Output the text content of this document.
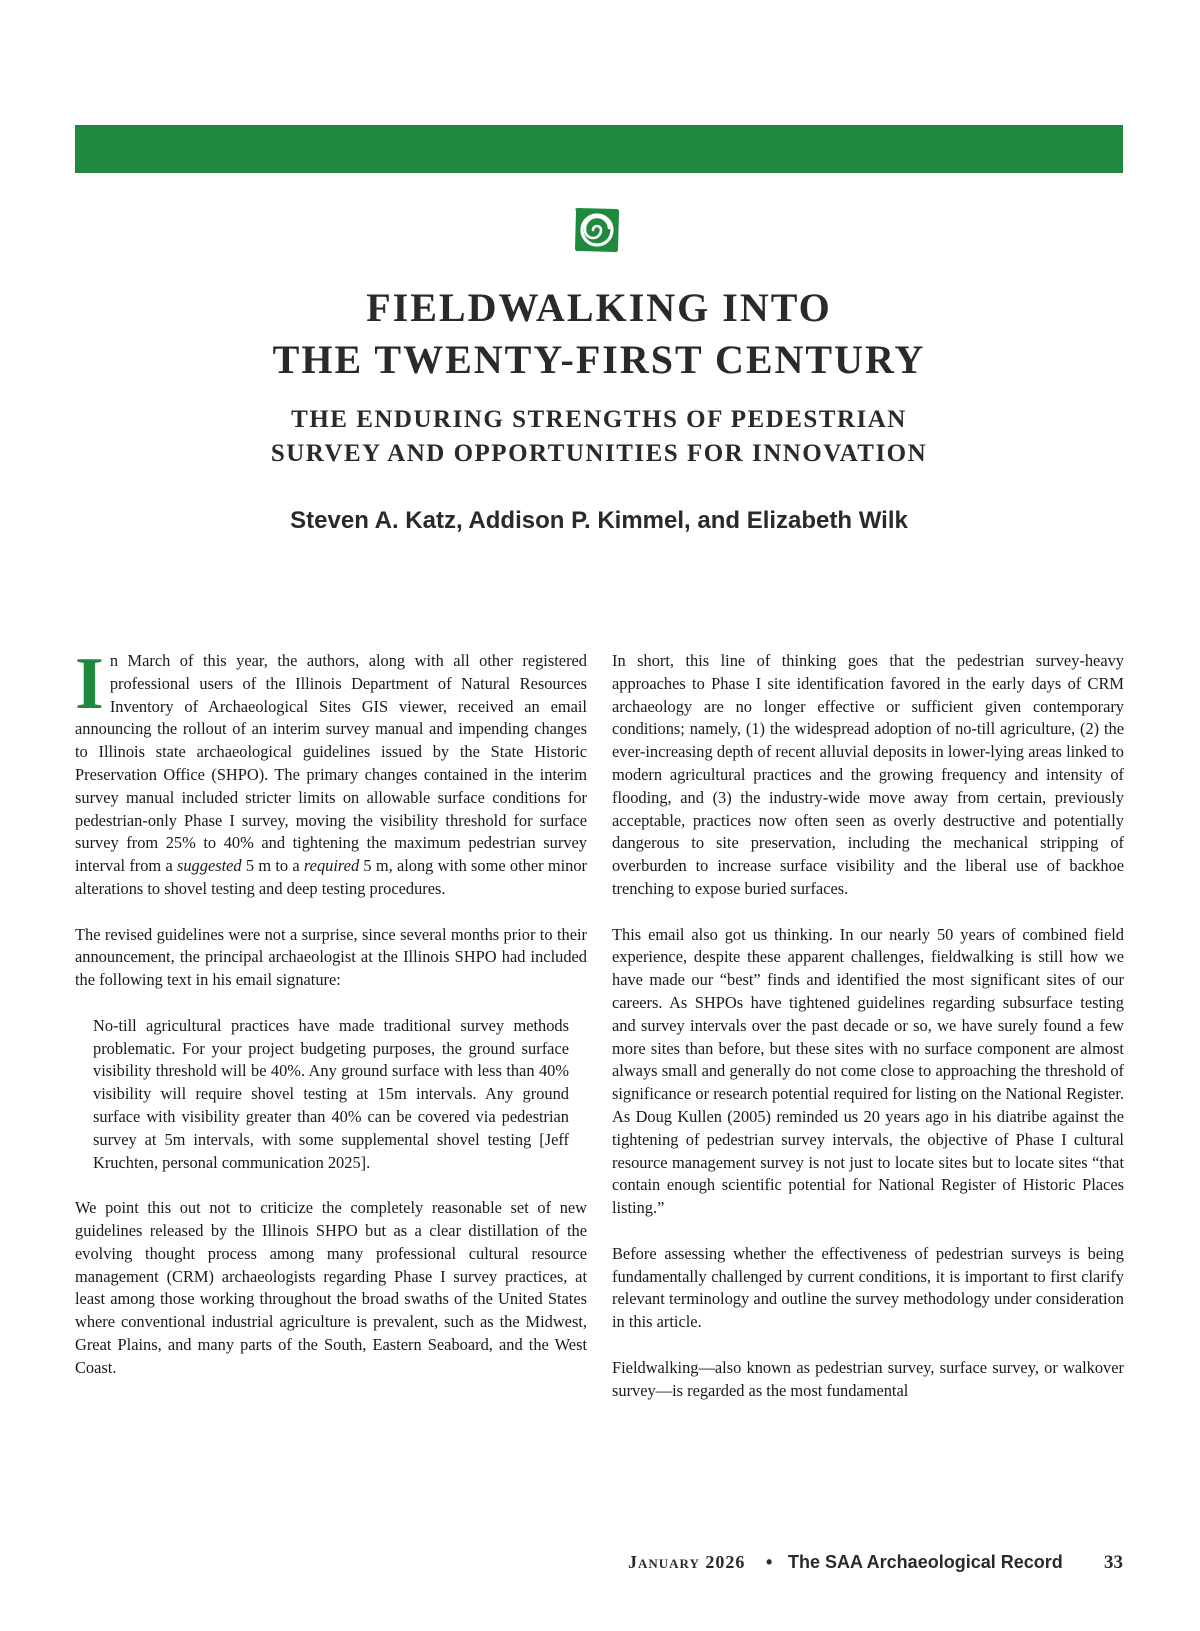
FIELDWALKING INTO
THE TWENTY-FIRST CENTURY
THE ENDURING STRENGTHS OF PEDESTRIAN
SURVEY AND OPPORTUNITIES FOR INNOVATION
Steven A. Katz, Addison P. Kimmel, and Elizabeth Wilk

In March of this year, the authors, along with all other registered professional users of the Illinois Department of Natural Resources Inventory of Archaeological Sites GIS viewer, received an email announcing the rollout of an interim survey manual and impending changes to Illinois state archaeological guidelines issued by the State Historic Preservation Office (SHPO). The primary changes contained in the interim survey manual included stricter limits on allowable surface conditions for pedestrian-only Phase I survey, moving the visibility threshold for surface survey from 25% to 40% and tightening the maximum pedestrian survey interval from a suggested 5 m to a required 5 m, along with some other minor alterations to shovel testing and deep testing procedures.

The revised guidelines were not a surprise, since several months prior to their announcement, the principal archaeologist at the Illinois SHPO had included the following text in his email signature:

No-till agricultural practices have made traditional survey methods problematic. For your project budgeting purposes, the ground surface visibility threshold will be 40%. Any ground surface with less than 40% visibility will require shovel testing at 15m intervals. Any ground surface with visibility greater than 40% can be covered via pedestrian survey at 5m intervals, with some supplemental shovel testing [Jeff Kruchten, personal communication 2025].

We point this out not to criticize the completely reasonable set of new guidelines released by the Illinois SHPO but as a clear distillation of the evolving thought process among many professional cultural resource management (CRM) archaeologists regarding Phase I survey practices, at least among those working throughout the broad swaths of the United States where conventional industrial agriculture is prevalent, such as the Midwest, Great Plains, and many parts of the South, Eastern Seaboard, and the West Coast.

In short, this line of thinking goes that the pedestrian survey-heavy approaches to Phase I site identification favored in the early days of CRM archaeology are no longer effective or sufficient given contemporary conditions; namely, (1) the widespread adoption of no-till agriculture, (2) the ever-increasing depth of recent alluvial deposits in lower-lying areas linked to modern agricultural practices and the growing frequency and intensity of flooding, and (3) the industry-wide move away from certain, previously acceptable, practices now often seen as overly destructive and potentially dangerous to site preservation, including the mechanical stripping of overburden to increase surface visibility and the liberal use of backhoe trenching to expose buried surfaces.

This email also got us thinking. In our nearly 50 years of combined field experience, despite these apparent challenges, fieldwalking is still how we have made our “best” finds and identified the most significant sites of our careers. As SHPOs have tightened guidelines regarding subsurface testing and survey intervals over the past decade or so, we have surely found a few more sites than before, but these sites with no surface component are almost always small and generally do not come close to approaching the threshold of significance or research potential required for listing on the National Register. As Doug Kullen (2005) reminded us 20 years ago in his diatribe against the tightening of pedestrian survey intervals, the objective of Phase I cultural resource management survey is not just to locate sites but to locate sites “that contain enough scientific potential for National Register of Historic Places listing.”

Before assessing whether the effectiveness of pedestrian surveys is being fundamentally challenged by current conditions, it is important to first clarify relevant terminology and outline the survey methodology under consideration in this article.

Fieldwalking—also known as pedestrian survey, surface survey, or walkover survey—is regarded as the most fundamental

January 2026 • The SAA Archaeological Record 33
